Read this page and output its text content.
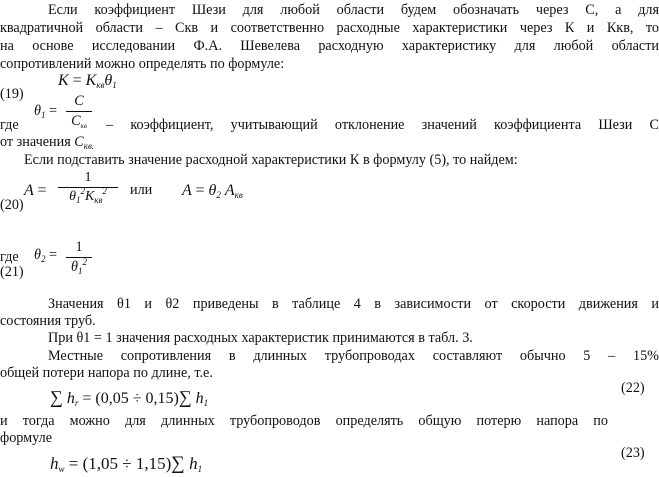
Если коэффициент Шези для любой области будем обозначать через С, а для
квадратичной области – Скв и соответственно расходные характеристики через К и Ккв, то
на основе исследовании Ф.А. Шевелева расходную характеристику для любой области
сопротивлений можно определять по формуле:
(19)
К = Кквθ1
где
$\theta_1$ =
С
$С_{кв}$	– коэффициент, учитывающий отклонение значений коэффициента Шези С
от значения $С_{кв.}$
Если подставить значение расходной характеристики К в формулу (5), то найдем:
(20)
A =
1
$\theta_1^2К_{кв}^2$	или A = θ2 Aкв
где
(21)
$\theta_2$ =	1
$\theta_1^2$
Значения θ1 и θ2 приведены в таблице 4 в зависимости от скорости движения и
состояния труб.
При θ1 = 1 значения расходных характеристик принимаются в табл. 3.
Местные сопротивления в длинных трубопроводах составляют обычно 5 – 15%
общей потери напора по длине, т.е.
(22)
∑ hr = (0,05 ÷ 0,15)∑ h1
и тогда можно для длинных трубопроводов определять общую потерю напора по
формуле
(23)
hw = (1,05 ÷ 1,15)∑ h1
